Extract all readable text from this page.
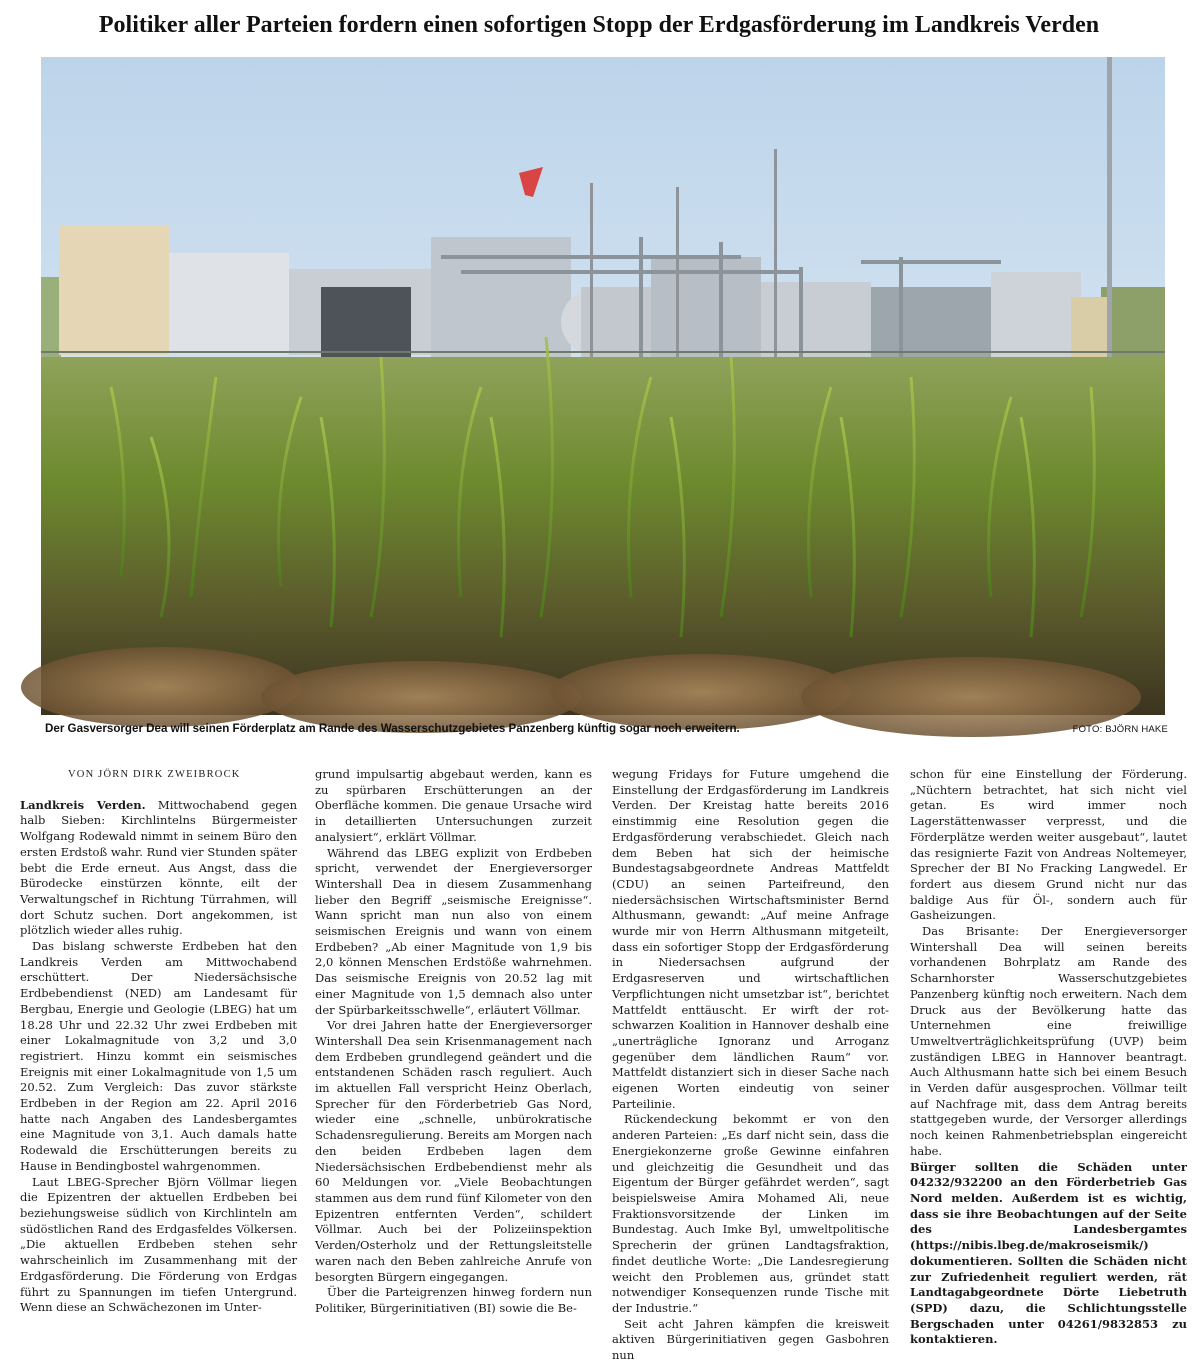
Politiker aller Parteien fordern einen sofortigen Stopp der Erdgasförderung im Landkreis Verden
Der Gasversorger Dea will seinen Förderplatz am Rande des Wasserschutzgebietes Panzenberg künftig sogar noch erweitern.	FOTO: BJÖRN HAKE
VON JÖRN DIRK ZWEIBROCK

Landkreis Verden. Mittwochabend gegen halb Sieben: Kirchlintelns Bürgermeister Wolfgang Rodewald nimmt in seinem Büro den ersten Erdstoß wahr. Rund vier Stunden später bebt die Erde erneut. Aus Angst, dass die Bürodecke einstürzen könnte, eilt der Verwaltungschef in Richtung Türrahmen, will dort Schutz suchen. Dort angekommen, ist plötzlich wieder alles ruhig.

Das bislang schwerste Erdbeben hat den Landkreis Verden am Mittwochabend erschüttert. Der Niedersächsische Erdbebendienst (NED) am Landesamt für Bergbau, Energie und Geologie (LBEG) hat um 18.28 Uhr und 22.32 Uhr zwei Erdbeben mit einer Lokalmagnitude von 3,2 und 3,0 registriert. Hinzu kommt ein seismisches Ereignis mit einer Lokalmagnitude von 1,5 um 20.52. Zum Vergleich: Das zuvor stärkste Erdbeben in der Region am 22. April 2016 hatte nach Angaben des Landesbergamtes eine Magnitude von 3,1. Auch damals hatte Rodewald die Erschütterungen bereits zu Hause in Bendingbostel wahrgenommen.

Laut LBEG-Sprecher Björn Völlmar liegen die Epizentren der aktuellen Erdbeben bei beziehungsweise südlich von Kirchlinteln am südöstlichen Rand des Erdgasfeldes Völkersen. „Die aktuellen Erdbeben stehen sehr wahrscheinlich im Zusammenhang mit der Erdgasförderung. Die Förderung von Erdgas führt zu Spannungen im tiefen Untergrund. Wenn diese an Schwächezonen im Unter-

grund impulsartig abgebaut werden, kann es zu spürbaren Erschütterungen an der Oberfläche kommen. Die genaue Ursache wird in detaillierten Untersuchungen zurzeit analysiert“, erklärt Völlmar.

Während das LBEG explizit von Erdbeben spricht, verwendet der Energieversorger Wintershall Dea in diesem Zusammenhang lieber den Begriff „seismische Ereignisse“. Wann spricht man nun also von einem seismischen Ereignis und wann von einem Erdbeben? „Ab einer Magnitude von 1,9 bis 2,0 können Menschen Erdstöße wahrnehmen. Das seismische Ereignis von 20.52 lag mit einer Magnitude von 1,5 demnach also unter der Spürbarkeitsschwelle“, erläutert Völlmar.

Vor drei Jahren hatte der Energieversorger Wintershall Dea sein Krisenmanagement nach dem Erdbeben grundlegend geändert und die entstandenen Schäden rasch reguliert. Auch im aktuellen Fall verspricht Heinz Oberlach, Sprecher für den Förderbetrieb Gas Nord, wieder eine „schnelle, unbürokratische Schadensregulierung. Bereits am Morgen nach den beiden Erdbeben lagen dem Niedersächsischen Erdbebendienst mehr als 60 Meldungen vor. „Viele Beobachtungen stammen aus dem rund fünf Kilometer von den Epizentren entfernten Verden“, schildert Völlmar. Auch bei der Polizeiinspektion Verden/Osterholz und der Rettungsleitstelle waren nach den Beben zahlreiche Anrufe von besorgten Bürgern eingegangen.

Über die Parteigrenzen hinweg fordern nun Politiker, Bürgerinitiativen (BI) sowie die Be-

wegung Fridays for Future umgehend die Einstellung der Erdgasförderung im Landkreis Verden. Der Kreistag hatte bereits 2016 einstimmig eine Resolution gegen die Erdgasförderung verabschiedet. Gleich nach dem Beben hat sich der heimische Bundestagsabgeordnete Andreas Mattfeldt (CDU) an seinen Parteifreund, den niedersächsischen Wirtschaftsminister Bernd Althusmann, gewandt: „Auf meine Anfrage wurde mir von Herrn Althusmann mitgeteilt, dass ein sofortiger Stopp der Erdgasförderung in Niedersachsen aufgrund der Erdgasreserven und wirtschaftlichen Verpflichtungen nicht umsetzbar ist“, berichtet Mattfeldt enttäuscht. Er wirft der rot-schwarzen Koalition in Hannover deshalb eine „unerträgliche Ignoranz und Arroganz gegenüber dem ländlichen Raum“ vor. Mattfeldt distanziert sich in dieser Sache nach eigenen Worten eindeutig von seiner Parteilinie.

Rückendeckung bekommt er von den anderen Parteien: „Es darf nicht sein, dass die Energiekonzerne große Gewinne einfahren und gleichzeitig die Gesundheit und das Eigentum der Bürger gefährdet werden“, sagt beispielsweise Amira Mohamed Ali, neue Fraktionsvorsitzende der Linken im Bundestag. Auch Imke Byl, umweltpolitische Sprecherin der grünen Landtagsfraktion, findet deutliche Worte: „Die Landesregierung weicht den Problemen aus, gründet statt notwendiger Konsequenzen runde Tische mit der Industrie.“

Seit acht Jahren kämpfen die kreisweit aktiven Bürgerinitiativen gegen Gasbohren nun

schon für eine Einstellung der Förderung. „Nüchtern betrachtet, hat sich nicht viel getan. Es wird immer noch Lagerstättenwasser verpresst, und die Förderplätze werden weiter ausgebaut“, lautet das resignierte Fazit von Andreas Noltemeyer, Sprecher der BI No Fracking Langwedel. Er fordert aus diesem Grund nicht nur das baldige Aus für Öl-, sondern auch für Gasheizungen.

Das Brisante: Der Energieversorger Wintershall Dea will seinen bereits vorhandenen Bohrplatz am Rande des Scharnhorster Wasserschutzgebietes Panzenberg künftig noch erweitern. Nach dem Druck aus der Bevölkerung hatte das Unternehmen eine freiwillige Umweltverträglichkeitsprüfung (UVP) beim zuständigen LBEG in Hannover beantragt. Auch Althusmann hatte sich bei einem Besuch in Verden dafür ausgesprochen. Völlmar teilt auf Nachfrage mit, dass dem Antrag bereits stattgegeben wurde, der Versorger allerdings noch keinen Rahmenbetriebsplan eingereicht habe.

Bürger sollten die Schäden unter 04232/932200 an den Förderbetrieb Gas Nord melden. Außerdem ist es wichtig, dass sie ihre Beobachtungen auf der Seite des Landesbergamtes (https://nibis.lbeg.de/makroseismik/) dokumentieren. Sollten die Schäden nicht zur Zufriedenheit reguliert werden, rät Landtagabgeordnete Dörte Liebetruth (SPD) dazu, die Schlichtungsstelle Bergschaden unter 04261/9832853 zu kontaktieren.
